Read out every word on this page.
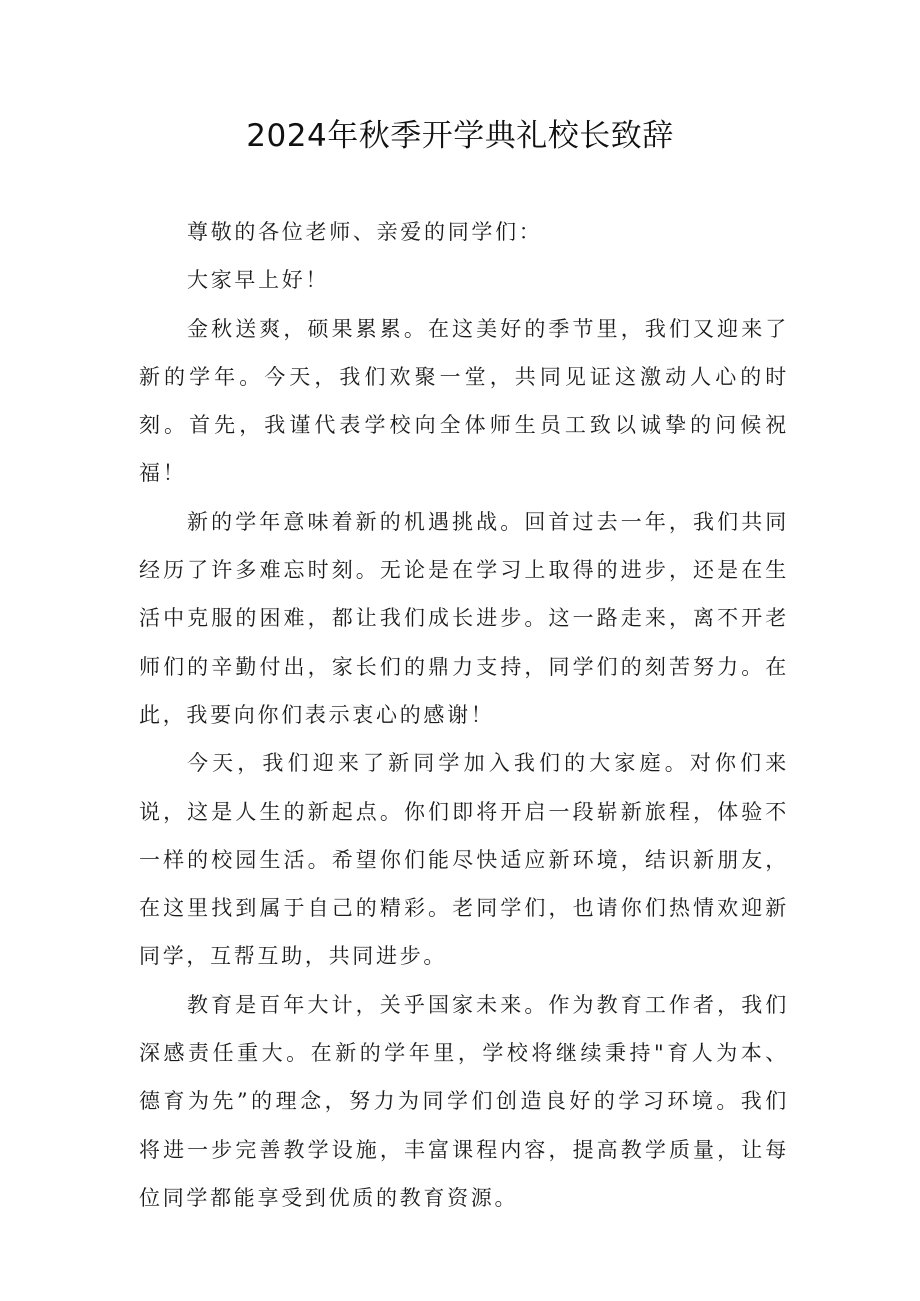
2024年秋季开学典礼校长致辞

尊敬的各位老师、亲爱的同学们：

大家早上好！

金秋送爽，硕果累累。在这美好的季节里，我们又迎来了新的学年。今天，我们欢聚一堂，共同见证这激动人心的时刻。首先，我谨代表学校向全体师生员工致以诚挚的问候祝福！

新的学年意味着新的机遇挑战。回首过去一年，我们共同经历了许多难忘时刻。无论是在学习上取得的进步，还是在生活中克服的困难，都让我们成长进步。这一路走来，离不开老师们的辛勤付出，家长们的鼎力支持，同学们的刻苦努力。在此，我要向你们表示衷心的感谢！

今天，我们迎来了新同学加入我们的大家庭。对你们来说，这是人生的新起点。你们即将开启一段崭新旅程，体验不一样的校园生活。希望你们能尽快适应新环境，结识新朋友，在这里找到属于自己的精彩。老同学们，也请你们热情欢迎新同学，互帮互助，共同进步。

教育是百年大计，关乎国家未来。作为教育工作者，我们深感责任重大。在新的学年里，学校将继续秉持"育人为本、德育为先”的理念，努力为同学们创造良好的学习环境。我们将进一步完善教学设施，丰富课程内容，提高教学质量，让每位同学都能享受到优质的教育资源。
